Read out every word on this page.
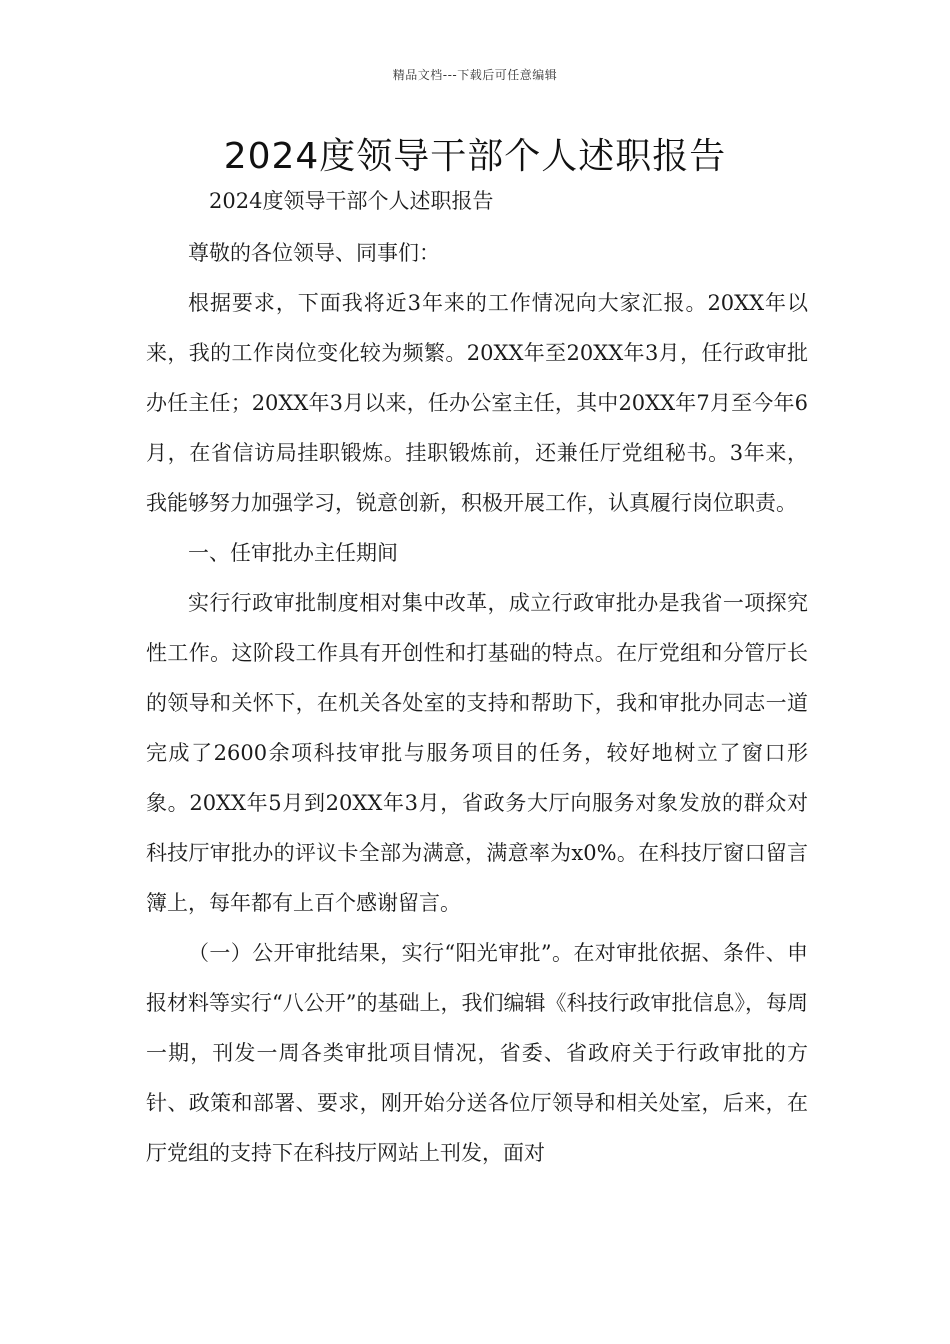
精品文档---下载后可任意编辑
2024度领导干部个人述职报告

2024度领导干部个人述职报告

尊敬的各位领导、同事们：

根据要求，下面我将近3年来的工作情况向大家汇报。20XX年以来，我的工作岗位变化较为频繁。20XX年至20XX年3月，任行政审批办任主任；20XX年3月以来，任办公室主任，其中20XX年7月至今年6月，在省信访局挂职锻炼。挂职锻炼前，还兼任厅党组秘书。3年来，我能够努力加强学习，锐意创新，积极开展工作，认真履行岗位职责。

一、任审批办主任期间

实行行政审批制度相对集中改革，成立行政审批办是我省一项探究性工作。这阶段工作具有开创性和打基础的特点。在厅党组和分管厅长的领导和关怀下，在机关各处室的支持和帮助下，我和审批办同志一道完成了2600余项科技审批与服务项目的任务，较好地树立了窗口形象。20XX年5月到20XX年3月，省政务大厅向服务对象发放的群众对科技厅审批办的评议卡全部为满意，满意率为x0%。在科技厅窗口留言簿上，每年都有上百个感谢留言。

（一）公开审批结果，实行“阳光审批”。在对审批依据、条件、申报材料等实行“八公开”的基础上，我们编辑《科技行政审批信息》，每周一期，刊发一周各类审批项目情况，省委、省政府关于行政审批的方针、政策和部署、要求，刚开始分送各位厅领导和相关处室，后来，在厅党组的支持下在科技厅网站上刊发，面对
